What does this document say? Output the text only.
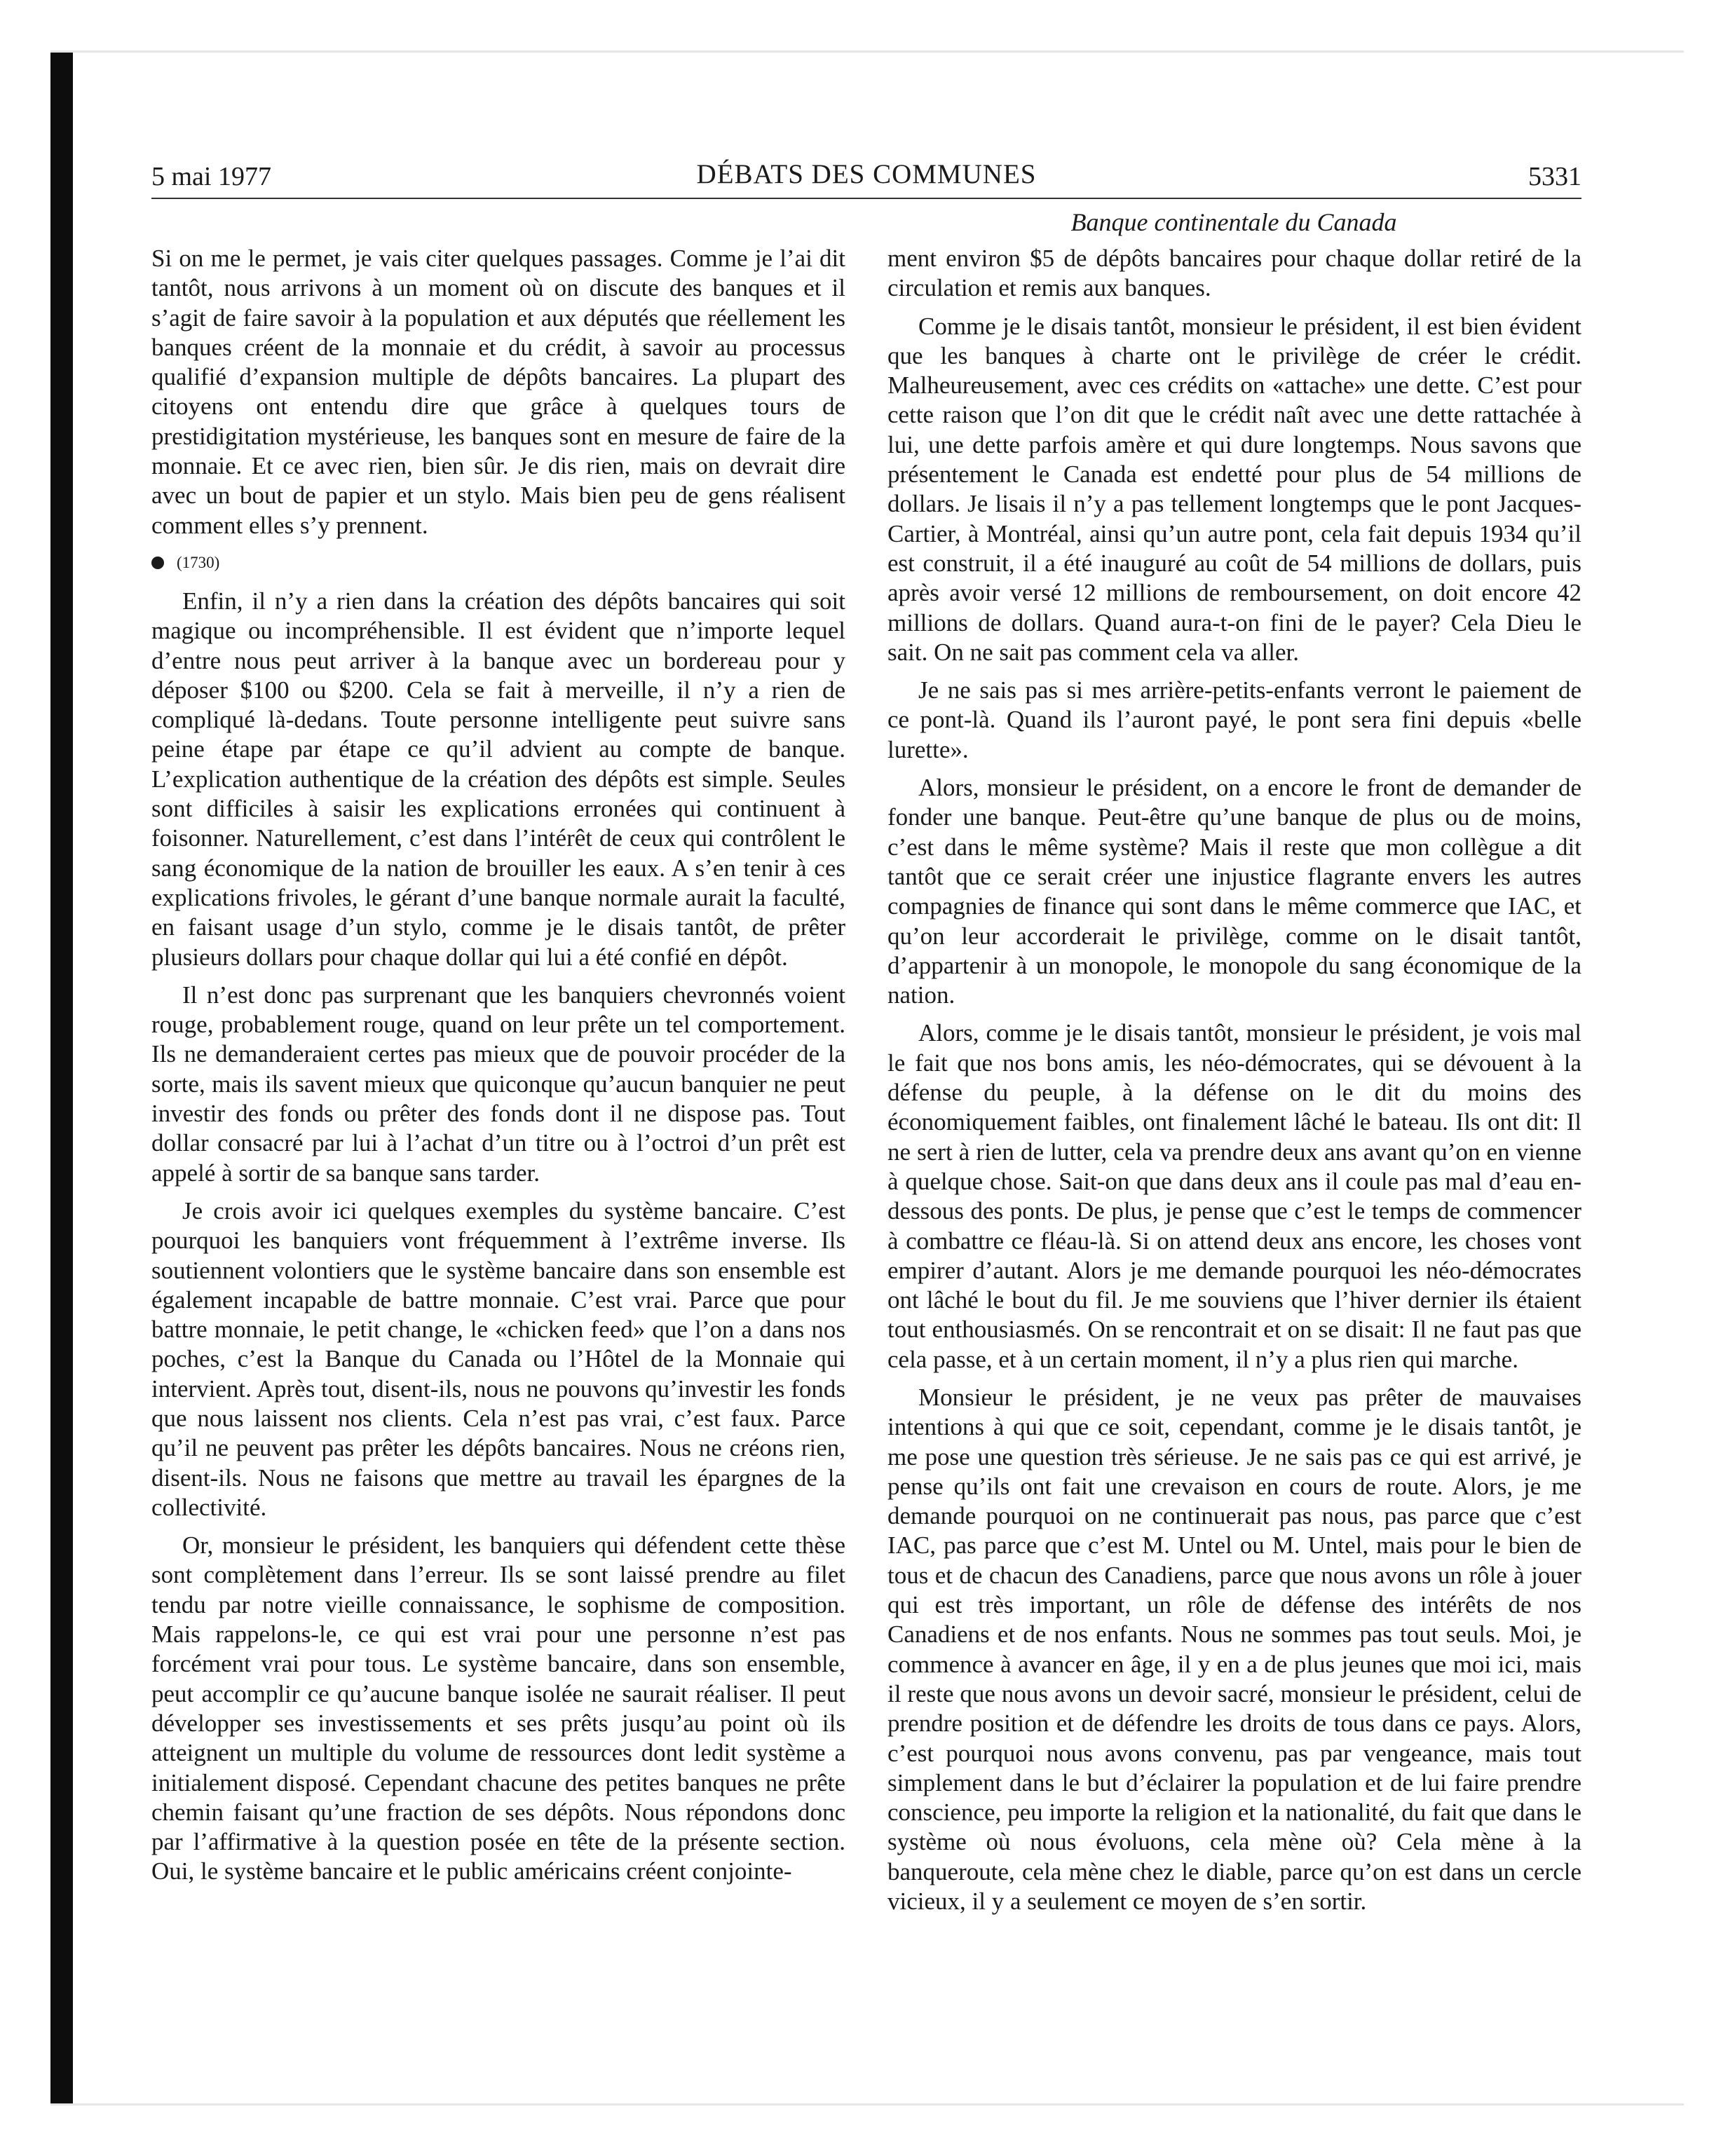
5 mai 1977	DÉBATS DES COMMUNES	5331
Banque continentale du Canada

Si on me le permet, je vais citer quelques passages. Comme je l’ai dit tantôt, nous arrivons à un moment où on discute des banques et il s’agit de faire savoir à la population et aux députés que réellement les banques créent de la monnaie et du crédit, à savoir au processus qualifié d’expansion multiple de dépôts bancaires. La plupart des citoyens ont entendu dire que grâce à quelques tours de prestidigitation mystérieuse, les banques sont en mesure de faire de la monnaie. Et ce avec rien, bien sûr. Je dis rien, mais on devrait dire avec un bout de papier et un stylo. Mais bien peu de gens réalisent comment elles s’y prennent.

(1730)

Enfin, il n’y a rien dans la création des dépôts bancaires qui soit magique ou incompréhensible. Il est évident que n’importe lequel d’entre nous peut arriver à la banque avec un bordereau pour y déposer $100 ou $200. Cela se fait à merveille, il n’y a rien de compliqué là-dedans. Toute personne intelligente peut suivre sans peine étape par étape ce qu’il advient au compte de banque. L’explication authentique de la création des dépôts est simple. Seules sont difficiles à saisir les explications erronées qui continuent à foisonner. Naturellement, c’est dans l’intérêt de ceux qui contrôlent le sang économique de la nation de brouiller les eaux. A s’en tenir à ces explications frivoles, le gérant d’une banque normale aurait la faculté, en faisant usage d’un stylo, comme je le disais tantôt, de prêter plusieurs dollars pour chaque dollar qui lui a été confié en dépôt.

Il n’est donc pas surprenant que les banquiers chevronnés voient rouge, probablement rouge, quand on leur prête un tel comportement. Ils ne demanderaient certes pas mieux que de pouvoir procéder de la sorte, mais ils savent mieux que quiconque qu’aucun banquier ne peut investir des fonds ou prêter des fonds dont il ne dispose pas. Tout dollar consacré par lui à l’achat d’un titre ou à l’octroi d’un prêt est appelé à sortir de sa banque sans tarder.

Je crois avoir ici quelques exemples du système bancaire. C’est pourquoi les banquiers vont fréquemment à l’extrême inverse. Ils soutiennent volontiers que le système bancaire dans son ensemble est également incapable de battre monnaie. C’est vrai. Parce que pour battre monnaie, le petit change, le «chicken feed» que l’on a dans nos poches, c’est la Banque du Canada ou l’Hôtel de la Monnaie qui intervient. Après tout, disent-ils, nous ne pouvons qu’investir les fonds que nous laissent nos clients. Cela n’est pas vrai, c’est faux. Parce qu’il ne peuvent pas prêter les dépôts bancaires. Nous ne créons rien, disent-ils. Nous ne faisons que mettre au travail les épargnes de la collectivité.

Or, monsieur le président, les banquiers qui défendent cette thèse sont complètement dans l’erreur. Ils se sont laissé prendre au filet tendu par notre vieille connaissance, le sophisme de composition. Mais rappelons-le, ce qui est vrai pour une personne n’est pas forcément vrai pour tous. Le système bancaire, dans son ensemble, peut accomplir ce qu’aucune banque isolée ne saurait réaliser. Il peut développer ses investissements et ses prêts jusqu’au point où ils atteignent un multiple du volume de ressources dont ledit système a initialement disposé. Cependant chacune des petites banques ne prête chemin faisant qu’une fraction de ses dépôts. Nous répondons donc par l’affirmative à la question posée en tête de la présente section. Oui, le système bancaire et le public américains créent conjointe-

ment environ $5 de dépôts bancaires pour chaque dollar retiré de la circulation et remis aux banques.

Comme je le disais tantôt, monsieur le président, il est bien évident que les banques à charte ont le privilège de créer le crédit. Malheureusement, avec ces crédits on «attache» une dette. C’est pour cette raison que l’on dit que le crédit naît avec une dette rattachée à lui, une dette parfois amère et qui dure longtemps. Nous savons que présentement le Canada est endetté pour plus de 54 millions de dollars. Je lisais il n’y a pas tellement longtemps que le pont Jacques-Cartier, à Montréal, ainsi qu’un autre pont, cela fait depuis 1934 qu’il est construit, il a été inauguré au coût de 54 millions de dollars, puis après avoir versé 12 millions de remboursement, on doit encore 42 millions de dollars. Quand aura-t-on fini de le payer? Cela Dieu le sait. On ne sait pas comment cela va aller.

Je ne sais pas si mes arrière-petits-enfants verront le paiement de ce pont-là. Quand ils l’auront payé, le pont sera fini depuis «belle lurette».

Alors, monsieur le président, on a encore le front de demander de fonder une banque. Peut-être qu’une banque de plus ou de moins, c’est dans le même système? Mais il reste que mon collègue a dit tantôt que ce serait créer une injustice flagrante envers les autres compagnies de finance qui sont dans le même commerce que IAC, et qu’on leur accorderait le privilège, comme on le disait tantôt, d’appartenir à un monopole, le monopole du sang économique de la nation.

Alors, comme je le disais tantôt, monsieur le président, je vois mal le fait que nos bons amis, les néo-démocrates, qui se dévouent à la défense du peuple, à la défense on le dit du moins des économiquement faibles, ont finalement lâché le bateau. Ils ont dit: Il ne sert à rien de lutter, cela va prendre deux ans avant qu’on en vienne à quelque chose. Sait-on que dans deux ans il coule pas mal d’eau en-dessous des ponts. De plus, je pense que c’est le temps de commencer à combattre ce fléau-là. Si on attend deux ans encore, les choses vont empirer d’autant. Alors je me demande pourquoi les néo-démocrates ont lâché le bout du fil. Je me souviens que l’hiver dernier ils étaient tout enthousiasmés. On se rencontrait et on se disait: Il ne faut pas que cela passe, et à un certain moment, il n’y a plus rien qui marche.

Monsieur le président, je ne veux pas prêter de mauvaises intentions à qui que ce soit, cependant, comme je le disais tantôt, je me pose une question très sérieuse. Je ne sais pas ce qui est arrivé, je pense qu’ils ont fait une crevaison en cours de route. Alors, je me demande pourquoi on ne continuerait pas nous, pas parce que c’est IAC, pas parce que c’est M. Untel ou M. Untel, mais pour le bien de tous et de chacun des Canadiens, parce que nous avons un rôle à jouer qui est très important, un rôle de défense des intérêts de nos Canadiens et de nos enfants. Nous ne sommes pas tout seuls. Moi, je commence à avancer en âge, il y en a de plus jeunes que moi ici, mais il reste que nous avons un devoir sacré, monsieur le président, celui de prendre position et de défendre les droits de tous dans ce pays. Alors, c’est pourquoi nous avons convenu, pas par vengeance, mais tout simplement dans le but d’éclairer la population et de lui faire prendre conscience, peu importe la religion et la nationalité, du fait que dans le système où nous évoluons, cela mène où? Cela mène à la banqueroute, cela mène chez le diable, parce qu’on est dans un cercle vicieux, il y a seulement ce moyen de s’en sortir.
